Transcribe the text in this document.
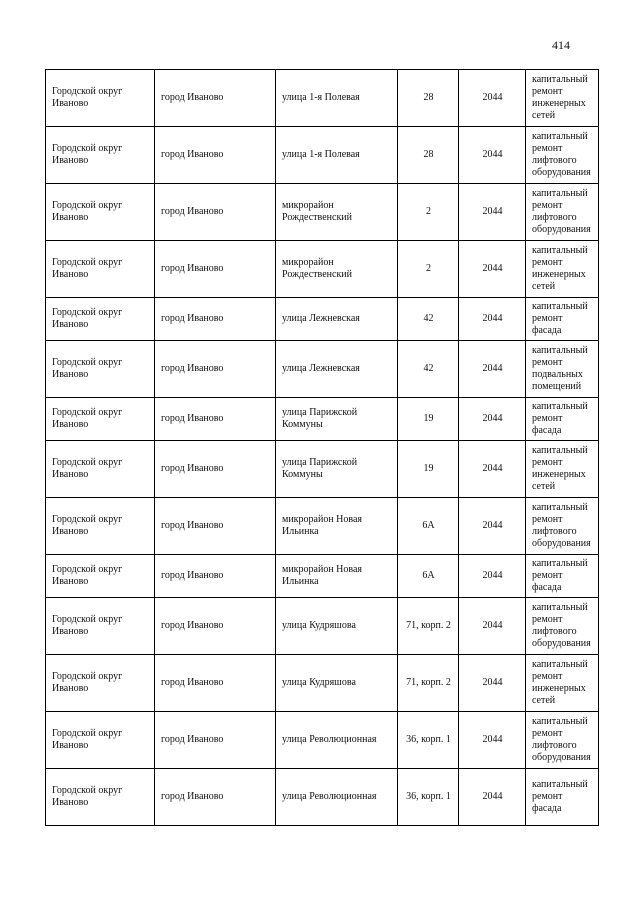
414
Городской округ Иваново	город Иваново	улица 1-я Полевая	28	2044	капитальный ремонт инженерных сетей
Городской округ Иваново	город Иваново	улица 1-я Полевая	28	2044	капитальный ремонт лифтового оборудования
Городской округ Иваново	город Иваново	микрорайон Рождественский	2	2044	капитальный ремонт лифтового оборудования
Городской округ Иваново	город Иваново	микрорайон Рождественский	2	2044	капитальный ремонт инженерных сетей
Городской округ Иваново	город Иваново	улица Лежневская	42	2044	капитальный ремонт фасада
Городской округ Иваново	город Иваново	улица Лежневская	42	2044	капитальный ремонт подвальных помещений
Городской округ Иваново	город Иваново	улица Парижской Коммуны	19	2044	капитальный ремонт фасада
Городской округ Иваново	город Иваново	улица Парижской Коммуны	19	2044	капитальный ремонт инженерных сетей
Городской округ Иваново	город Иваново	микрорайон Новая Ильинка	6А	2044	капитальный ремонт лифтового оборудования
Городской округ Иваново	город Иваново	микрорайон Новая Ильинка	6А	2044	капитальный ремонт фасада
Городской округ Иваново	город Иваново	улица Кудряшова	71, корп. 2	2044	капитальный ремонт лифтового оборудования
Городской округ Иваново	город Иваново	улица Кудряшова	71, корп. 2	2044	капитальный ремонт инженерных сетей
Городской округ Иваново	город Иваново	улица Революционная	36, корп. 1	2044	капитальный ремонт лифтового оборудования
Городской округ Иваново	город Иваново	улица Революционная	36, корп. 1	2044	капитальный ремонт фасада
